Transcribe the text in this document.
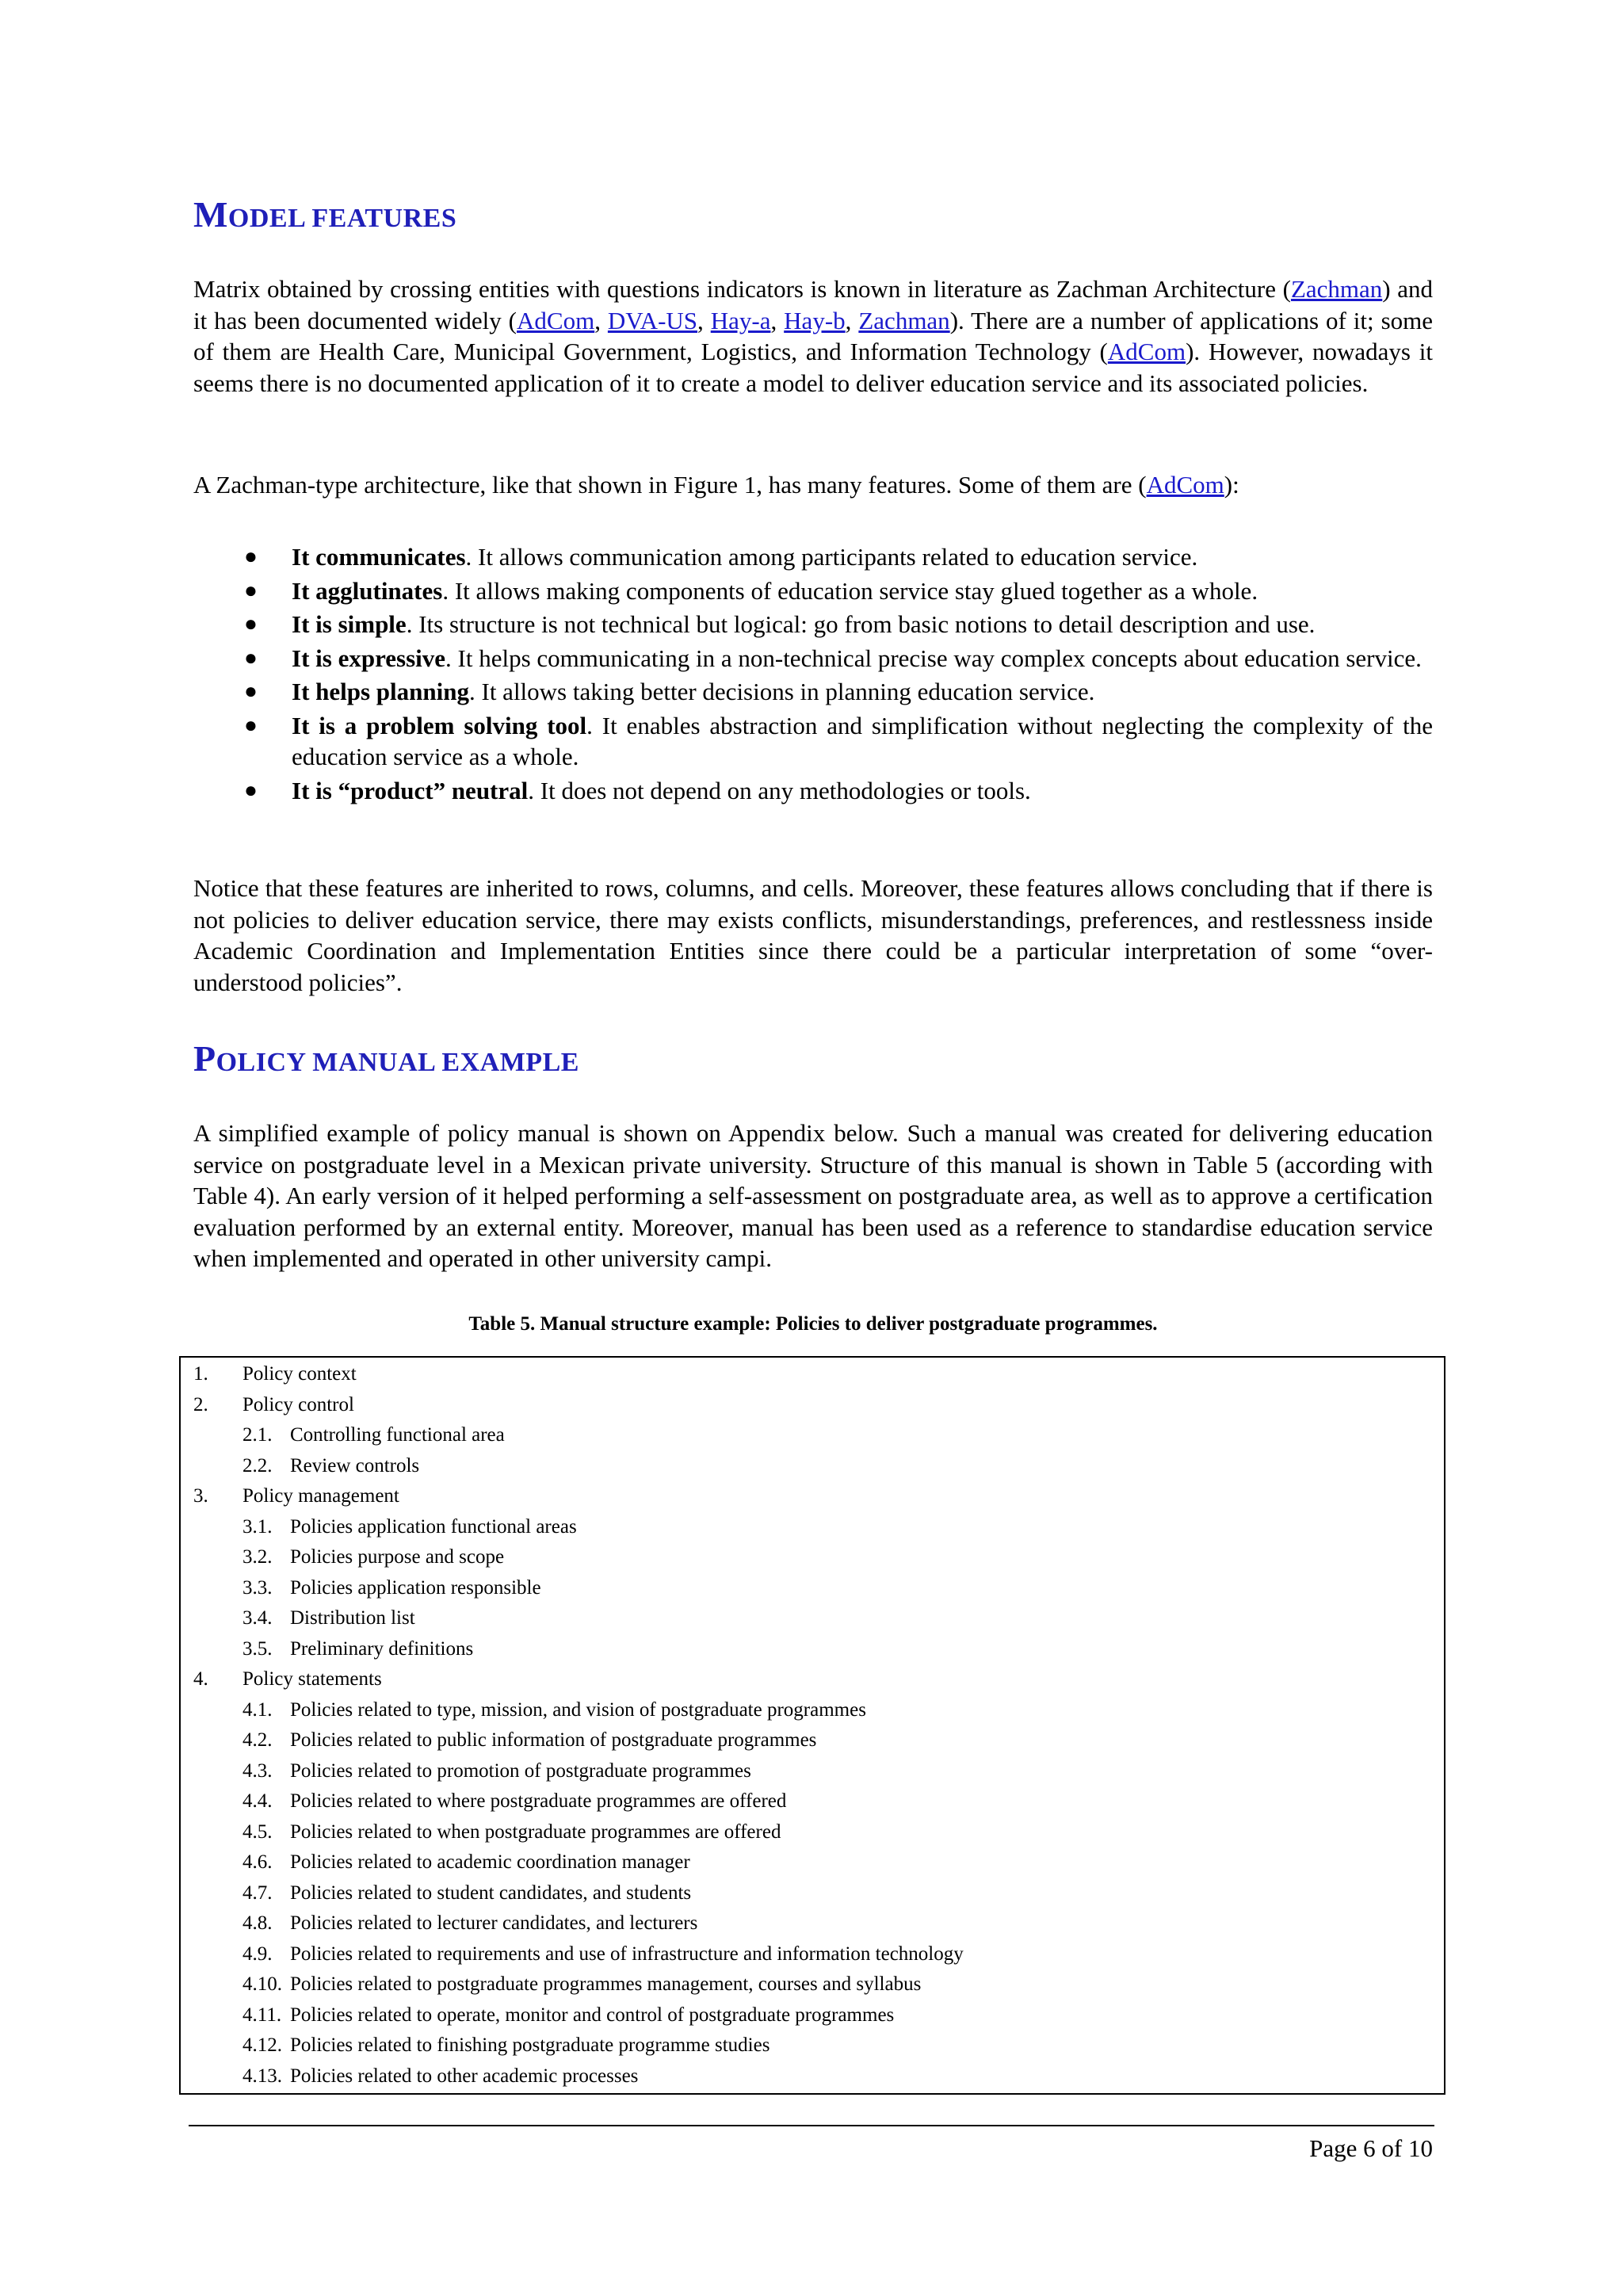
MODEL FEATURES

Matrix obtained by crossing entities with questions indicators is known in literature as Zachman Architecture (Zachman) and it has been documented widely (AdCom, DVA-US, Hay-a, Hay-b, Zachman). There are a number of applications of it; some of them are Health Care, Municipal Government, Logistics, and Information Technology (AdCom). However, nowadays it seems there is no documented application of it to create a model to deliver education service and its associated policies.

A Zachman-type architecture, like that shown in Figure 1, has many features. Some of them are (AdCom):

● It communicates. It allows communication among participants related to education service.
● It agglutinates. It allows making components of education service stay glued together as a whole.
● It is simple. Its structure is not technical but logical: go from basic notions to detail description and use.
● It is expressive. It helps communicating in a non-technical precise way complex concepts about education service.
● It helps planning. It allows taking better decisions in planning education service.
● It is a problem solving tool. It enables abstraction and simplification without neglecting the complexity of the education service as a whole.
● It is “product” neutral. It does not depend on any methodologies or tools.

Notice that these features are inherited to rows, columns, and cells. Moreover, these features allows concluding that if there is not policies to deliver education service, there may exists conflicts, misunderstandings, preferences, and restlessness inside Academic Coordination and Implementation Entities since there could be a particular interpretation of some “over-understood policies”.

POLICY MANUAL EXAMPLE

A simplified example of policy manual is shown on Appendix below. Such a manual was created for delivering education service on postgraduate level in a Mexican private university. Structure of this manual is shown in Table 5 (according with Table 4). An early version of it helped performing a self-assessment on postgraduate area, as well as to approve a certification evaluation performed by an external entity. Moreover, manual has been used as a reference to standardise education service when implemented and operated in other university campi.

Table 5. Manual structure example: Policies to deliver postgraduate programmes.
1. Policy context
2. Policy control
2.1. Controlling functional area
2.2. Review controls
3. Policy management
3.1. Policies application functional areas
3.2. Policies purpose and scope
3.3. Policies application responsible
3.4. Distribution list
3.5. Preliminary definitions
4. Policy statements
4.1. Policies related to type, mission, and vision of postgraduate programmes
4.2. Policies related to public information of postgraduate programmes
4.3. Policies related to promotion of postgraduate programmes
4.4. Policies related to where postgraduate programmes are offered
4.5. Policies related to when postgraduate programmes are offered
4.6. Policies related to academic coordination manager
4.7. Policies related to student candidates, and students
4.8. Policies related to lecturer candidates, and lecturers
4.9. Policies related to requirements and use of infrastructure and information technology
4.10. Policies related to postgraduate programmes management, courses and syllabus
4.11. Policies related to operate, monitor and control of postgraduate programmes
4.12. Policies related to finishing postgraduate programme studies
4.13. Policies related to other academic processes
Page 6 of 10
